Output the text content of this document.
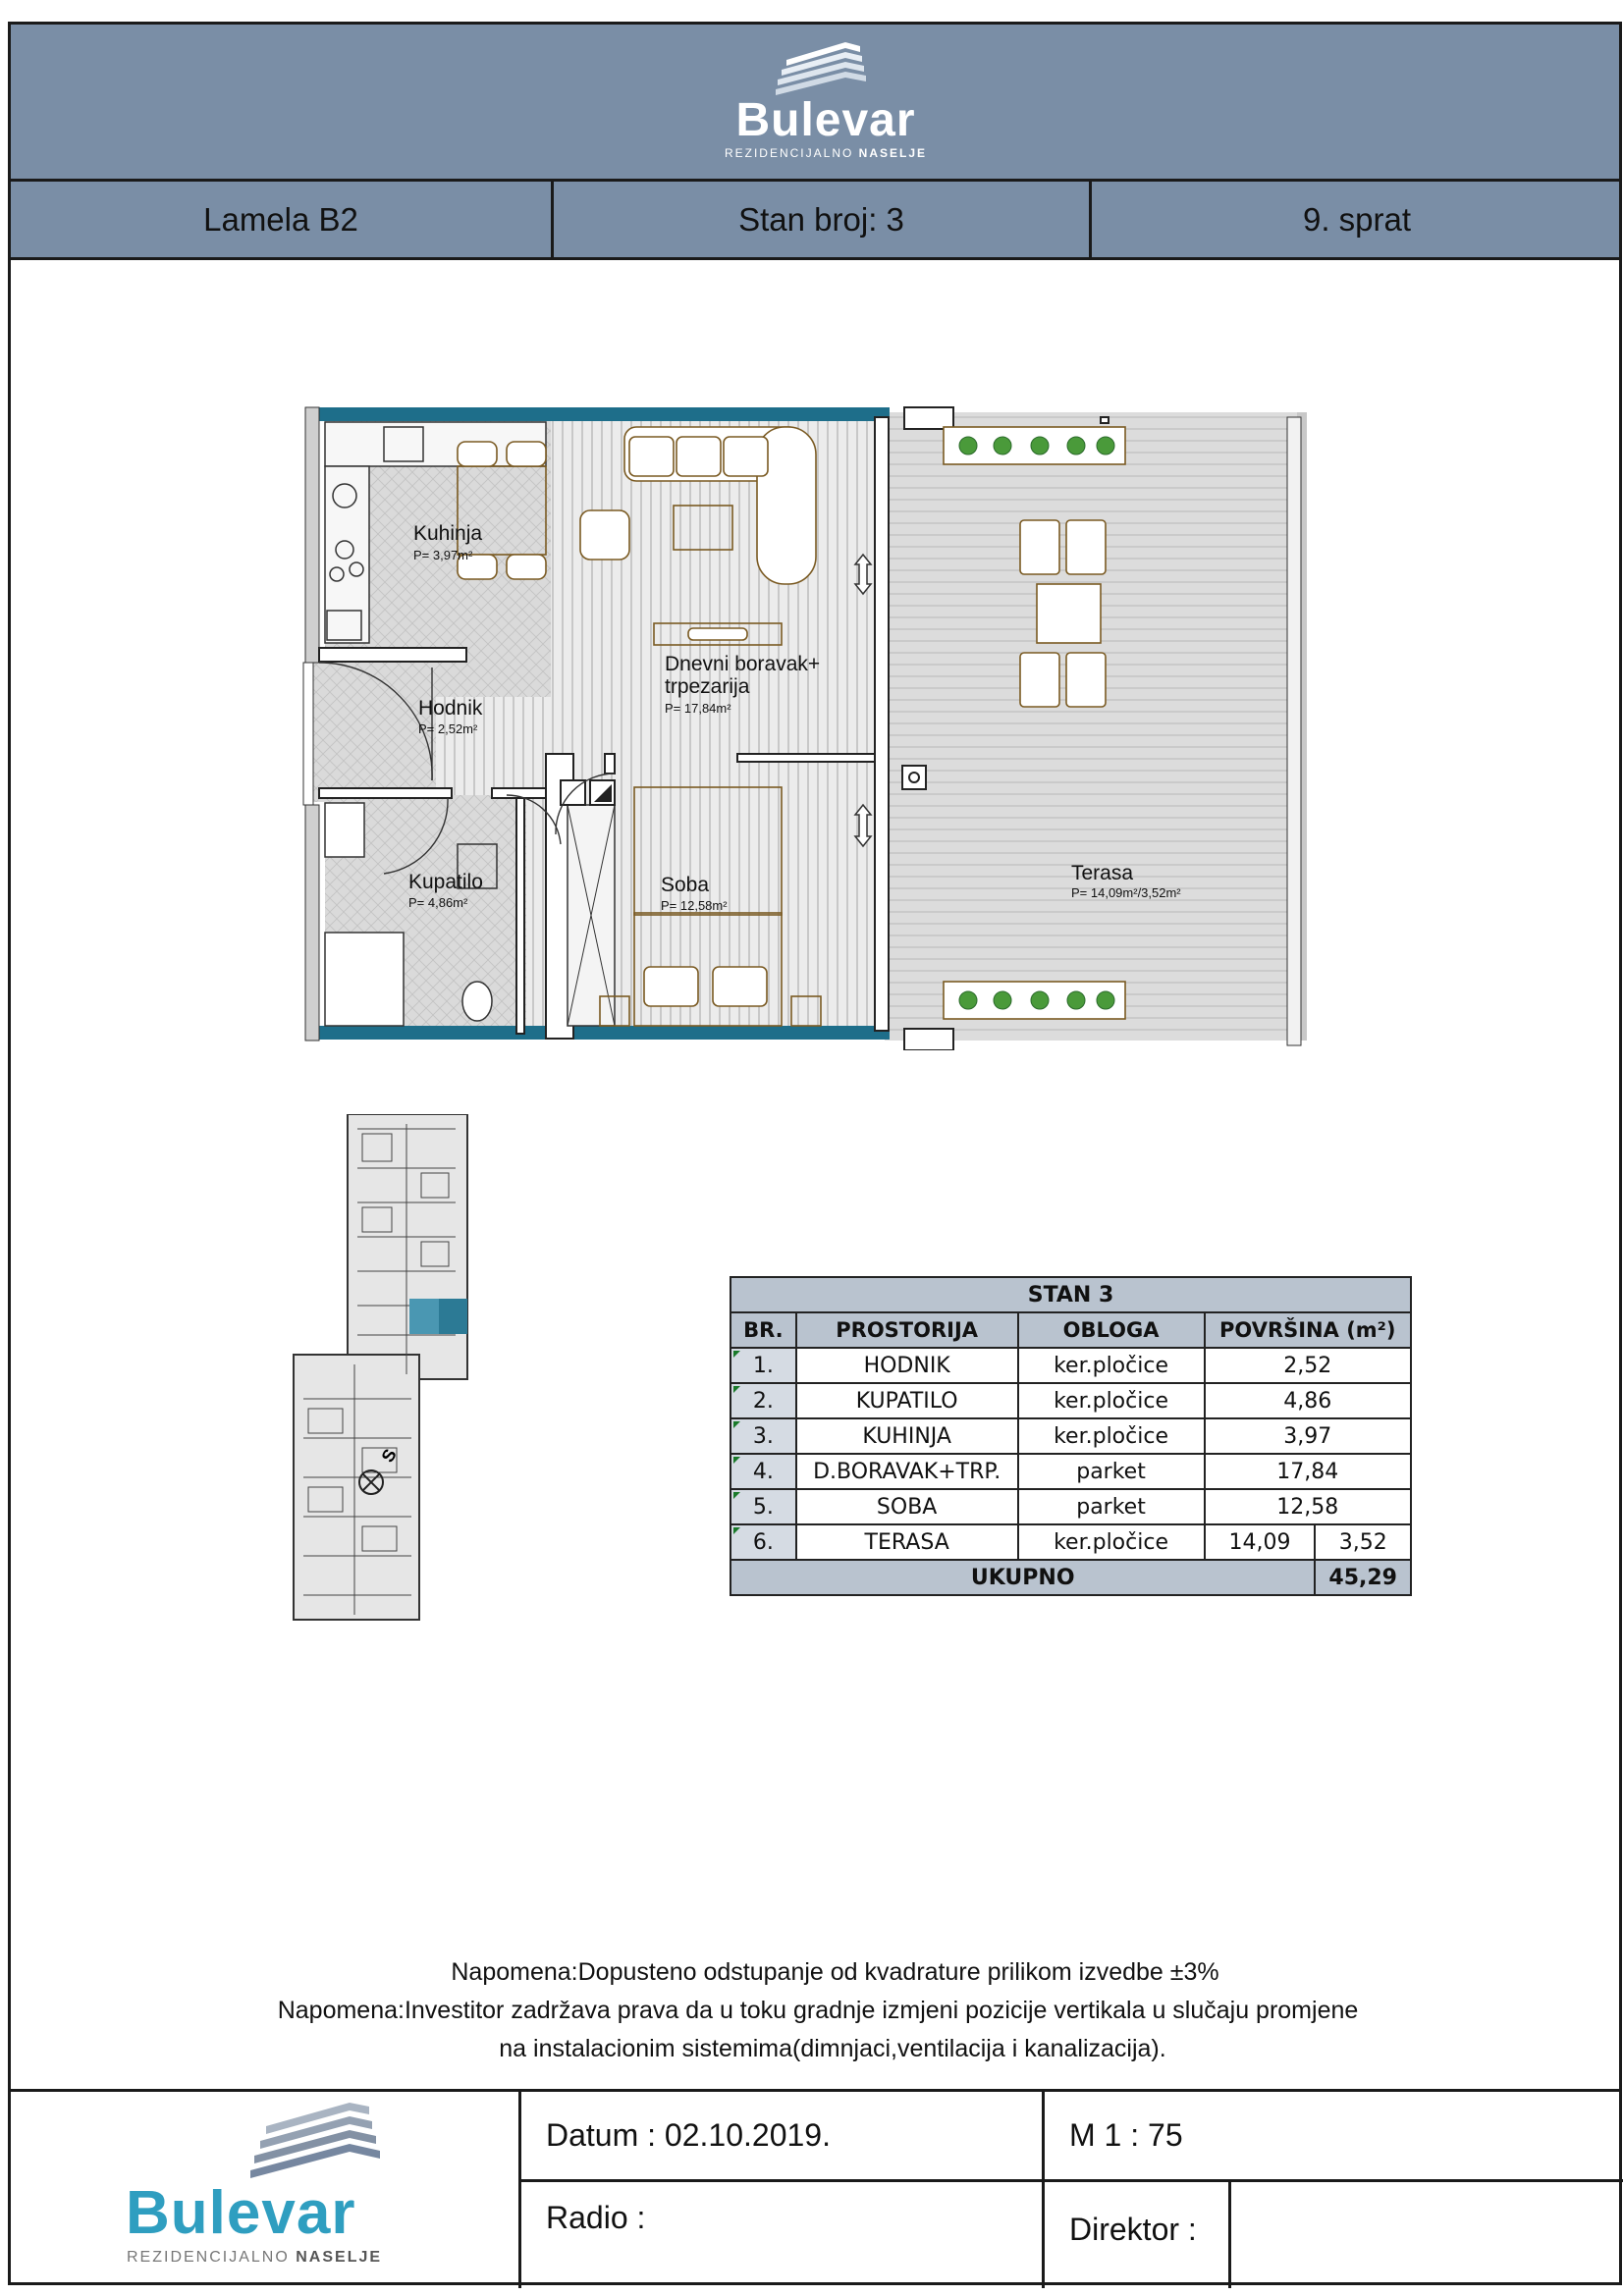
Bulevar
REZIDENCIJALNO NASELJE
Lamela B2	Stan broj: 3	9. sprat
Kuhinja
P= 3,97m²
Hodnik
P= 2,52m²
Kupatilo
P= 4,86m²
Dnevni boravak+
trpezarija
P= 17,84m²
Soba
P= 12,58m²
Terasa
P= 14,09m²/3,52m²
S
STAN 3				
BR.	PROSTORIJA	OBLOGA	POVRŠINA (m²)	
1.	HODNIK	ker.pločice	2,52	
2.	KUPATILO	ker.pločice	4,86	
3.	KUHINJA	ker.pločice	3,97	
4.	D.BORAVAK+TRP.	parket	17,84	
5.	SOBA	parket	12,58	
6.	TERASA	ker.pločice	14,09	3,52
UKUPNO				45,29
Napomena:Dopusteno odstupanje od kvadrature prilikom izvedbe ±3%
Napomena:Investitor zadržava prava da u toku gradnje izmjeni pozicije vertikala u slučaju promjene
na instalacionim sistemima(dimnjaci,ventilacija i kanalizacija).
Bulevar
REZIDENCIJALNO NASELJE
Datum : 02.10.2019.	M 1 : 75
Radio :	Direktor :
